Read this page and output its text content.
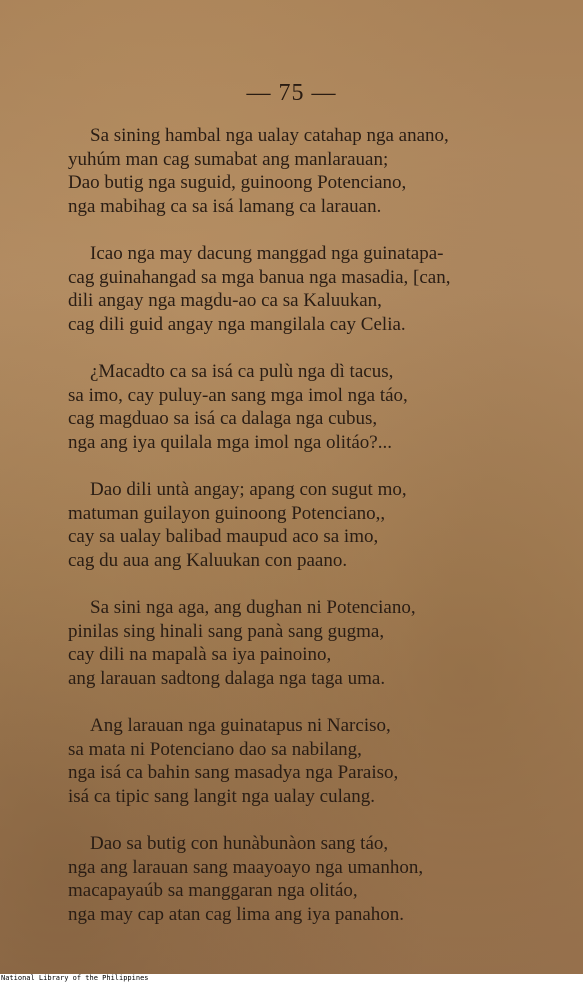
— 75 —
Sa sining hambal nga ualay catahap nga anano,
yuhúm man cag sumabat ang manlarauan;
Dao butig nga suguid, guinoong Potenciano,
nga mabihag ca sa isá lamang ca larauan.
Icao nga may dacung manggad nga guinatapa-
cag guinahangad sa mga banua nga masadia, [can,
dili angay nga magdu-ao ca sa Kaluukan,
cag dili guid angay nga mangilala cay Celia.
¿Macadto ca sa isá ca pulù nga dì tacus,
sa imo, cay puluy-an sang mga imol nga táo,
cag magduao sa isá ca dalaga nga cubus,
nga ang iya quilala mga imol nga olitáo?...
Dao dili untà angay; apang con sugut mo,
matuman guilayon guinoong Potenciano,,
cay sa ualay balibad maupud aco sa imo,
cag du aua ang Kaluukan con paano.
Sa sini nga aga, ang dughan ni Potenciano,
pinilas sing hinali sang panà sang gugma,
cay dili na mapalà sa iya painoino,
ang larauan sadtong dalaga nga taga uma.
Ang larauan nga guinatapus ni Narciso,
sa mata ni Potenciano dao sa nabilang,
nga isá ca bahin sang masadya nga Paraiso,
isá ca tipic sang langit nga ualay culang.
Dao sa butig con hunàbunàon sang táo,
nga ang larauan sang maayoayo nga umanhon,
macapayaúb sa manggaran nga olitáo,
nga may cap atan cag lima ang iya panahon.
National Library of the Philippines
